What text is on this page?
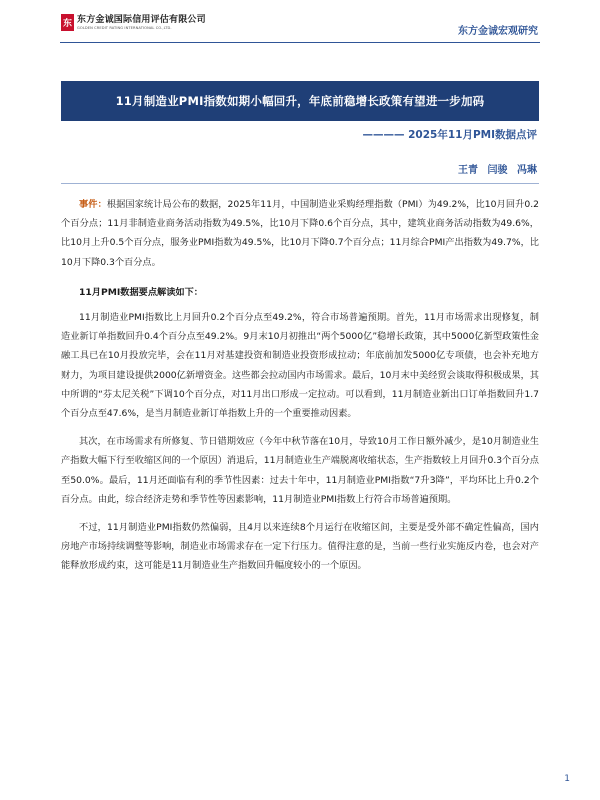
东 东方金诚国际信用评估有限公司
GOLDEN CREDIT RATING INTERNATIONAL CO.,LTD.	东方金诚宏观研究
11月制造业PMI指数如期小幅回升，年底前稳增长政策有望进一步加码
———— 2025年11月PMI数据点评
王青 闫骏 冯琳

事件：根据国家统计局公布的数据，2025年11月，中国制造业采购经理指数（PMI）为49.2%，比10月回升0.2个百分点；11月非制造业商务活动指数为49.5%，比10月下降0.6个百分点，其中，建筑业商务活动指数为49.6%，比10月上升0.5个百分点，服务业PMI指数为49.5%，比10月下降0.7个百分点；11月综合PMI产出指数为49.7%，比10月下降0.3个百分点。

11月PMI数据要点解读如下：

11月制造业PMI指数比上月回升0.2个百分点至49.2%，符合市场普遍预期。首先，11月市场需求出现修复，制造业新订单指数回升0.4个百分点至49.2%。9月末10月初推出“两个5000亿”稳增长政策，其中5000亿新型政策性金融工具已在10月投放完毕，会在11月对基建投资和制造业投资形成拉动；年底前加发5000亿专项债，也会补充地方财力，为项目建设提供2000亿新增资金。这些都会拉动国内市场需求。最后，10月末中美经贸会谈取得积极成果，其中所谓的“芬太尼关税”下调10个百分点，对11月出口形成一定拉动。可以看到，11月制造业新出口订单指数回升1.7个百分点至47.6%，是当月制造业新订单指数上升的一个重要推动因素。

其次，在市场需求有所修复、节日错期效应（今年中秋节落在10月，导致10月工作日额外减少，是10月制造业生产指数大幅下行至收缩区间的一个原因）消退后，11月制造业生产端脱离收缩状态，生产指数较上月回升0.3个百分点至50.0%。最后，11月还面临有利的季节性因素：过去十年中，11月制造业PMI指数“7升3降”，平均环比上升0.2个百分点。由此，综合经济走势和季节性等因素影响，11月制造业PMI指数上行符合市场普遍预期。

不过，11月制造业PMI指数仍然偏弱，且4月以来连续8个月运行在收缩区间，主要是受外部不确定性偏高，国内房地产市场持续调整等影响，制造业市场需求存在一定下行压力。值得注意的是，当前一些行业实施反内卷，也会对产能释放形成约束，这可能是11月制造业生产指数回升幅度较小的一个原因。

1
